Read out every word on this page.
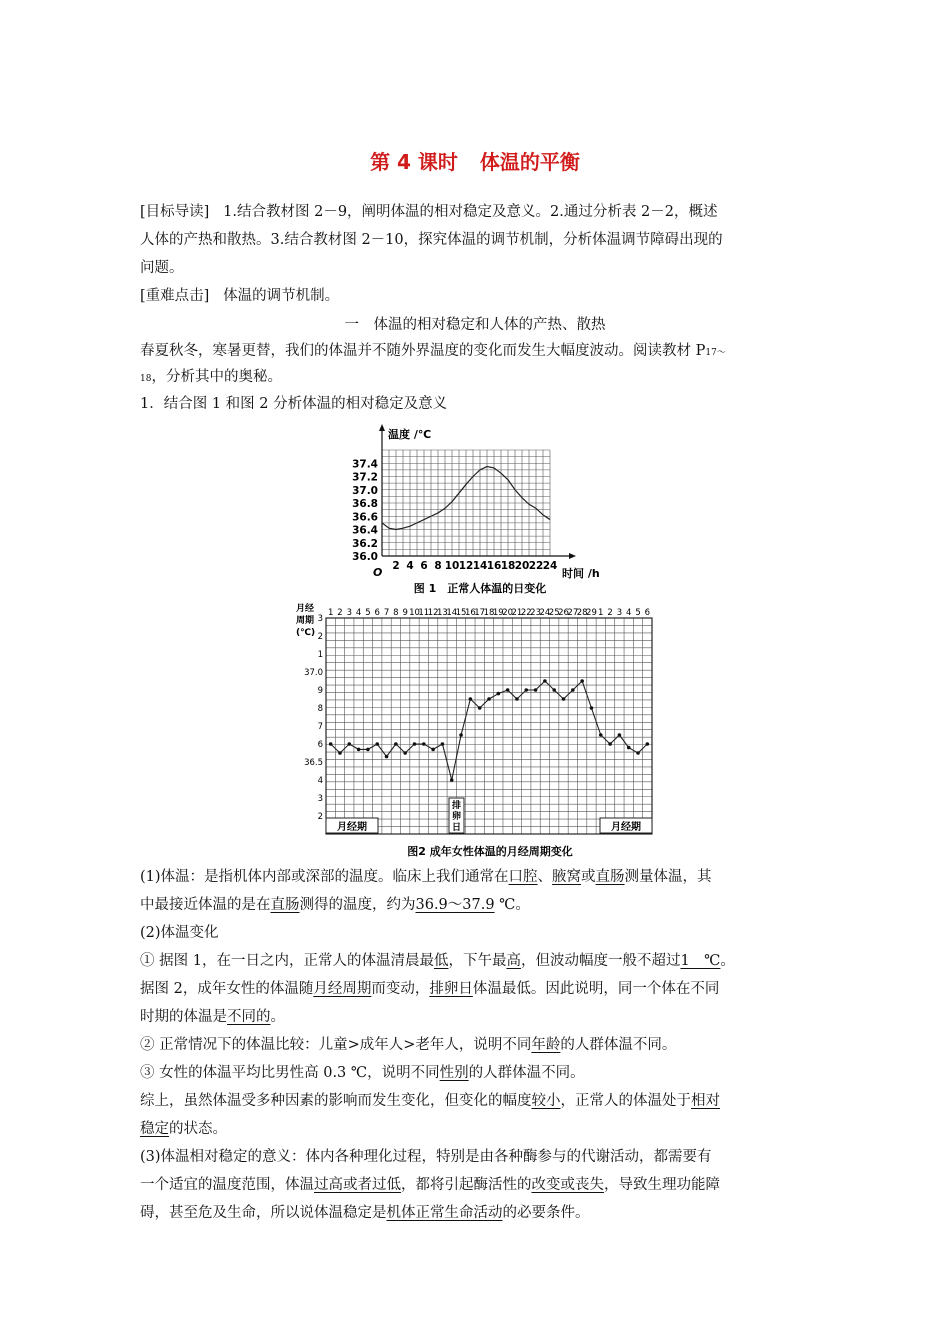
第 4 课时 体温的平衡
[目标导读] 1.结合教材图 2－9，阐明体温的相对稳定及意义。2.通过分析表 2－2，概述
人体的产热和散热。3.结合教材图 2－10，探究体温的调节机制，分析体温调节障碍出现的
问题。
[重难点击] 体温的调节机制。
一　体温的相对稳定和人体的产热、散热
春夏秋冬，寒暑更替，我们的体温并不随外界温度的变化而发生大幅度波动。阅读教材 P17～
18，分析其中的奥秘。
1．结合图 1 和图 2 分析体温的相对稳定及意义
36.0
36.2
36.4
36.6
36.8
37.0
37.2
37.4
2 4 6 8 10 12 14 16 18 20 22 24
温度 /℃
时间 /h
O
图 1　正常人体温的日变化
1 2 3 4 5 6 7 8 9 10
11
12
13
14
15
16
17
18
19
20
21
22
23
24
25
26
27
28
29 1 2 3 4 5 6
3
2
1
37.0
9
8
7
6
36.5
4
3
2
月经
周期
(℃)
月经期
排
卵
日	月经期
图2 成年女性体温的月经周期变化
(1)体温：是指机体内部或深部的温度。临床上我们通常在口腔、腋窝或直肠测量体温，其
中最接近体温的是在直肠测得的温度，约为36.9～37.9 ℃。
(2)体温变化
① 据图 1，在一日之内，正常人的体温清晨最低，下午最高，但波动幅度一般不超过1　℃。
据图 2，成年女性的体温随月经周期而变动，排卵日体温最低。因此说明，同一个体在不同
时期的体温是不同的。
② 正常情况下的体温比较：儿童>成年人>老年人，说明不同年龄的人群体温不同。
③ 女性的体温平均比男性高 0.3 ℃，说明不同性别的人群体温不同。
综上，虽然体温受多种因素的影响而发生变化，但变化的幅度较小，正常人的体温处于相对
稳定的状态。
(3)体温相对稳定的意义：体内各种理化过程，特别是由各种酶参与的代谢活动，都需要有
一个适宜的温度范围，体温过高或者过低，都将引起酶活性的改变或丧失，导致生理功能障
碍，甚至危及生命，所以说体温稳定是机体正常生命活动的必要条件。
